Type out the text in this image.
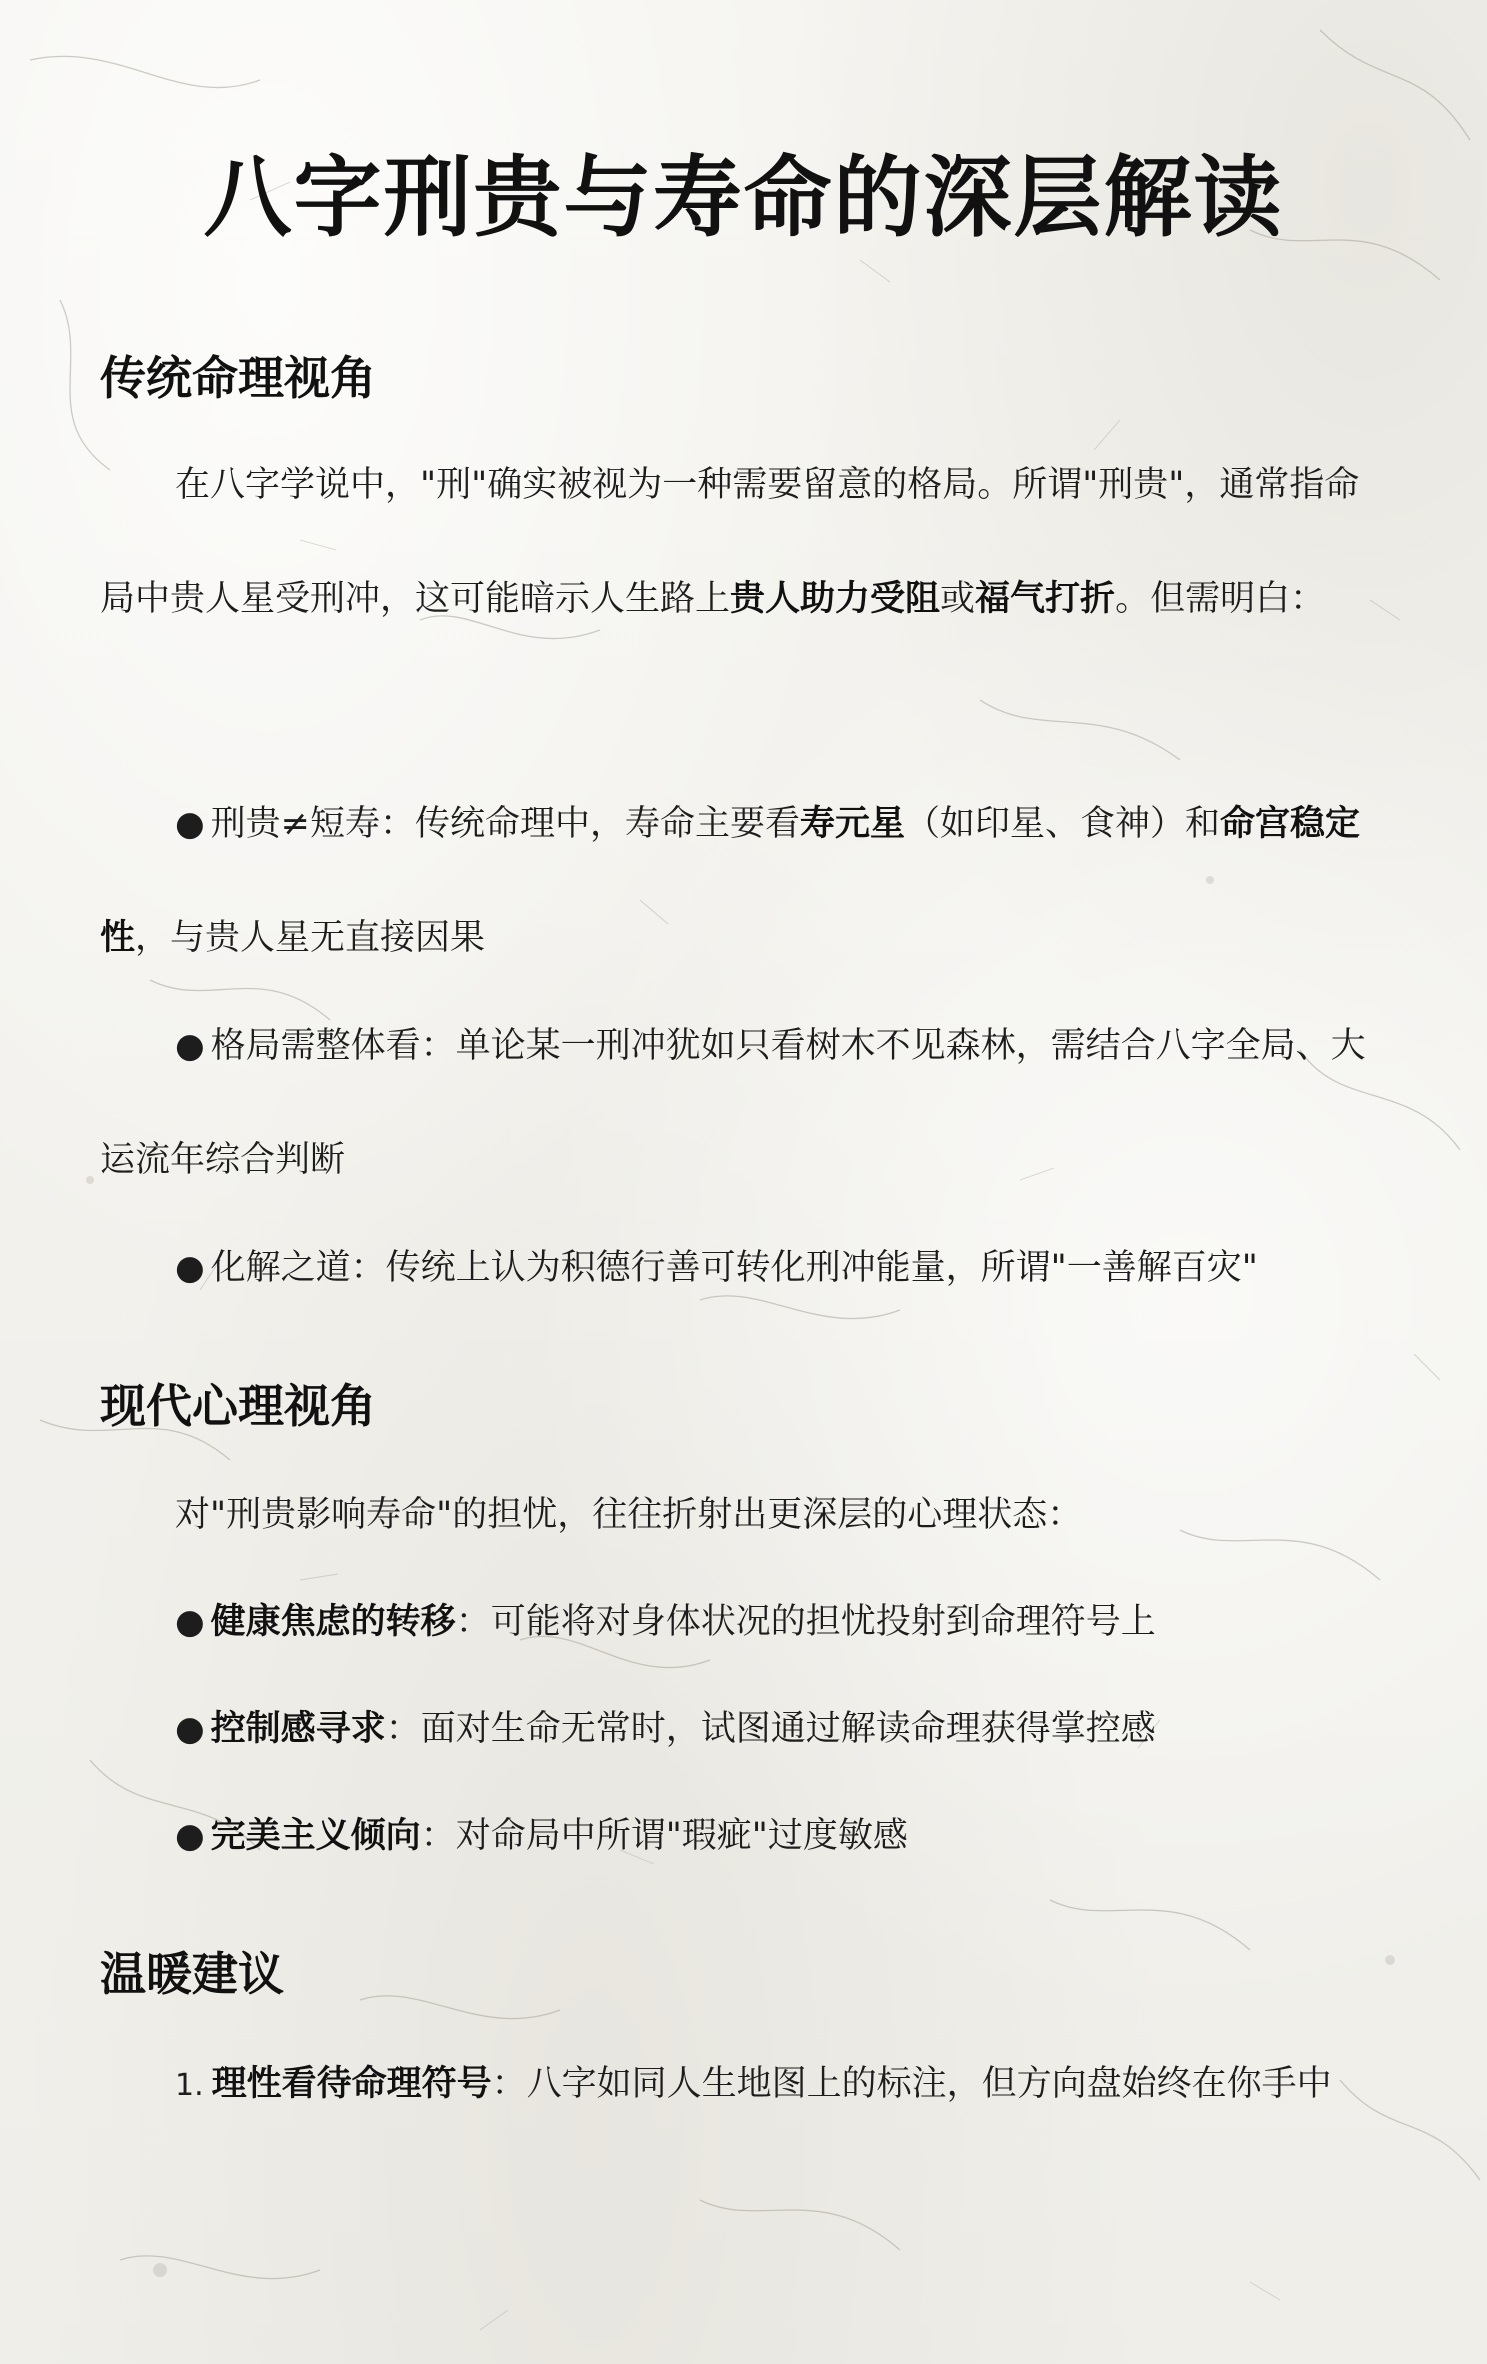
八字刑贵与寿命的深层解读
传统命理视角

在八字学说中，"刑"确实被视为一种需要留意的格局。所谓"刑贵"，通常指命局中贵人星受刑冲，这可能暗示人生路上贵人助力受阻或福气打折。但需明白：

● 刑贵≠短寿：传统命理中，寿命主要看寿元星（如印星、食神）和命宫稳定性，与贵人星无直接因果

● 格局需整体看：单论某一刑冲犹如只看树木不见森林，需结合八字全局、大运流年综合判断

● 化解之道：传统上认为积德行善可转化刑冲能量，所谓"一善解百灾"

现代心理视角

对"刑贵影响寿命"的担忧，往往折射出更深层的心理状态：

● 健康焦虑的转移：可能将对身体状况的担忧投射到命理符号上

● 控制感寻求：面对生命无常时，试图通过解读命理获得掌控感

● 完美主义倾向：对命局中所谓"瑕疵"过度敏感

温暖建议

1. 理性看待命理符号：八字如同人生地图上的标注，但方向盘始终在你手中
